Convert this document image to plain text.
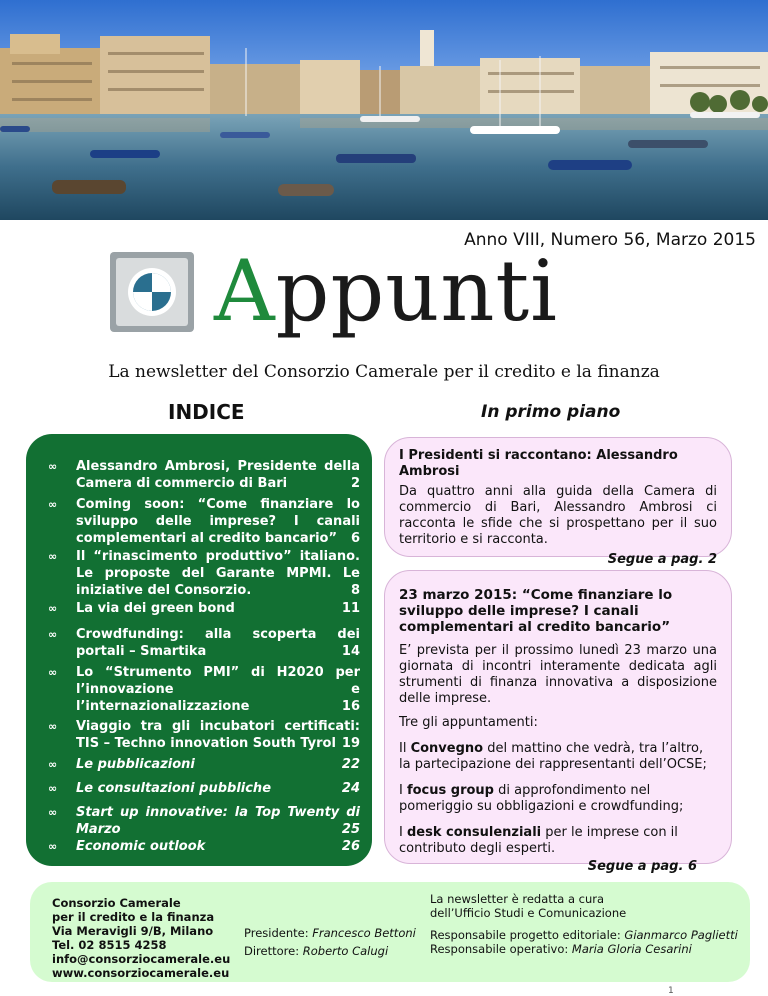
Anno VIII, Numero 56, Marzo 2015
Appunti
La newsletter del Consorzio Camerale per il credito e la finanza
INDICE	In primo piano
∞	Alessandro Ambrosi, Presidente della Camera di commercio di Bari	2
∞	Coming soon: “Come finanziare lo sviluppo delle imprese? I canali complementari al credito bancario” 6
∞	Il “rinascimento produttivo” italiano. Le proposte del Garante MPMI. Le iniziative del Consorzio.	8
∞	La via dei green bond	11
∞	Crowdfunding: alla scoperta dei portali – Smartika	14
∞	Lo “Strumento PMI” di H2020 per l’innovazione e l’internazionalizzazione	16
∞	Viaggio tra gli incubatori certificati: TIS – Techno innovation South Tyrol 19
∞	Le pubblicazioni	22
∞	Le consultazioni pubbliche	24
∞	Start up innovative: la Top Twenty di Marzo	25
∞	Economic outlook	26
I Presidenti si raccontano: Alessandro Ambrosi
Da quattro anni alla guida della Camera di commercio di Bari, Alessandro Ambrosi ci racconta le sfide che si prospettano per il suo territorio e si racconta.
Segue a pag. 2
23 marzo 2015: “Come finanziare lo sviluppo delle imprese? I canali complementari al credito bancario”
E’ prevista per il prossimo lunedì 23 marzo una giornata di incontri interamente dedicata agli strumenti di finanza innovativa a disposizione delle imprese.
Tre gli appuntamenti:
Il Convegno del mattino che vedrà, tra l’altro, la partecipazione dei rappresentanti dell’OCSE;
I focus group di approfondimento nel pomeriggio su obbligazioni e crowdfunding;
I desk consulenziali per le imprese con il contributo degli esperti.
Segue a pag. 6
Consorzio Camerale
per il credito e la finanza
Via Meravigli 9/B, Milano
Tel. 02 8515 4258
info@consorziocamerale.eu
www.consorziocamerale.eu
Presidente: Francesco Bettoni
Direttore: Roberto Calugi
La newsletter è redatta a cura
dell’Ufficio Studi e Comunicazione
Responsabile progetto editoriale: Gianmarco Paglietti
Responsabile operativo: Maria Gloria Cesarini
1
